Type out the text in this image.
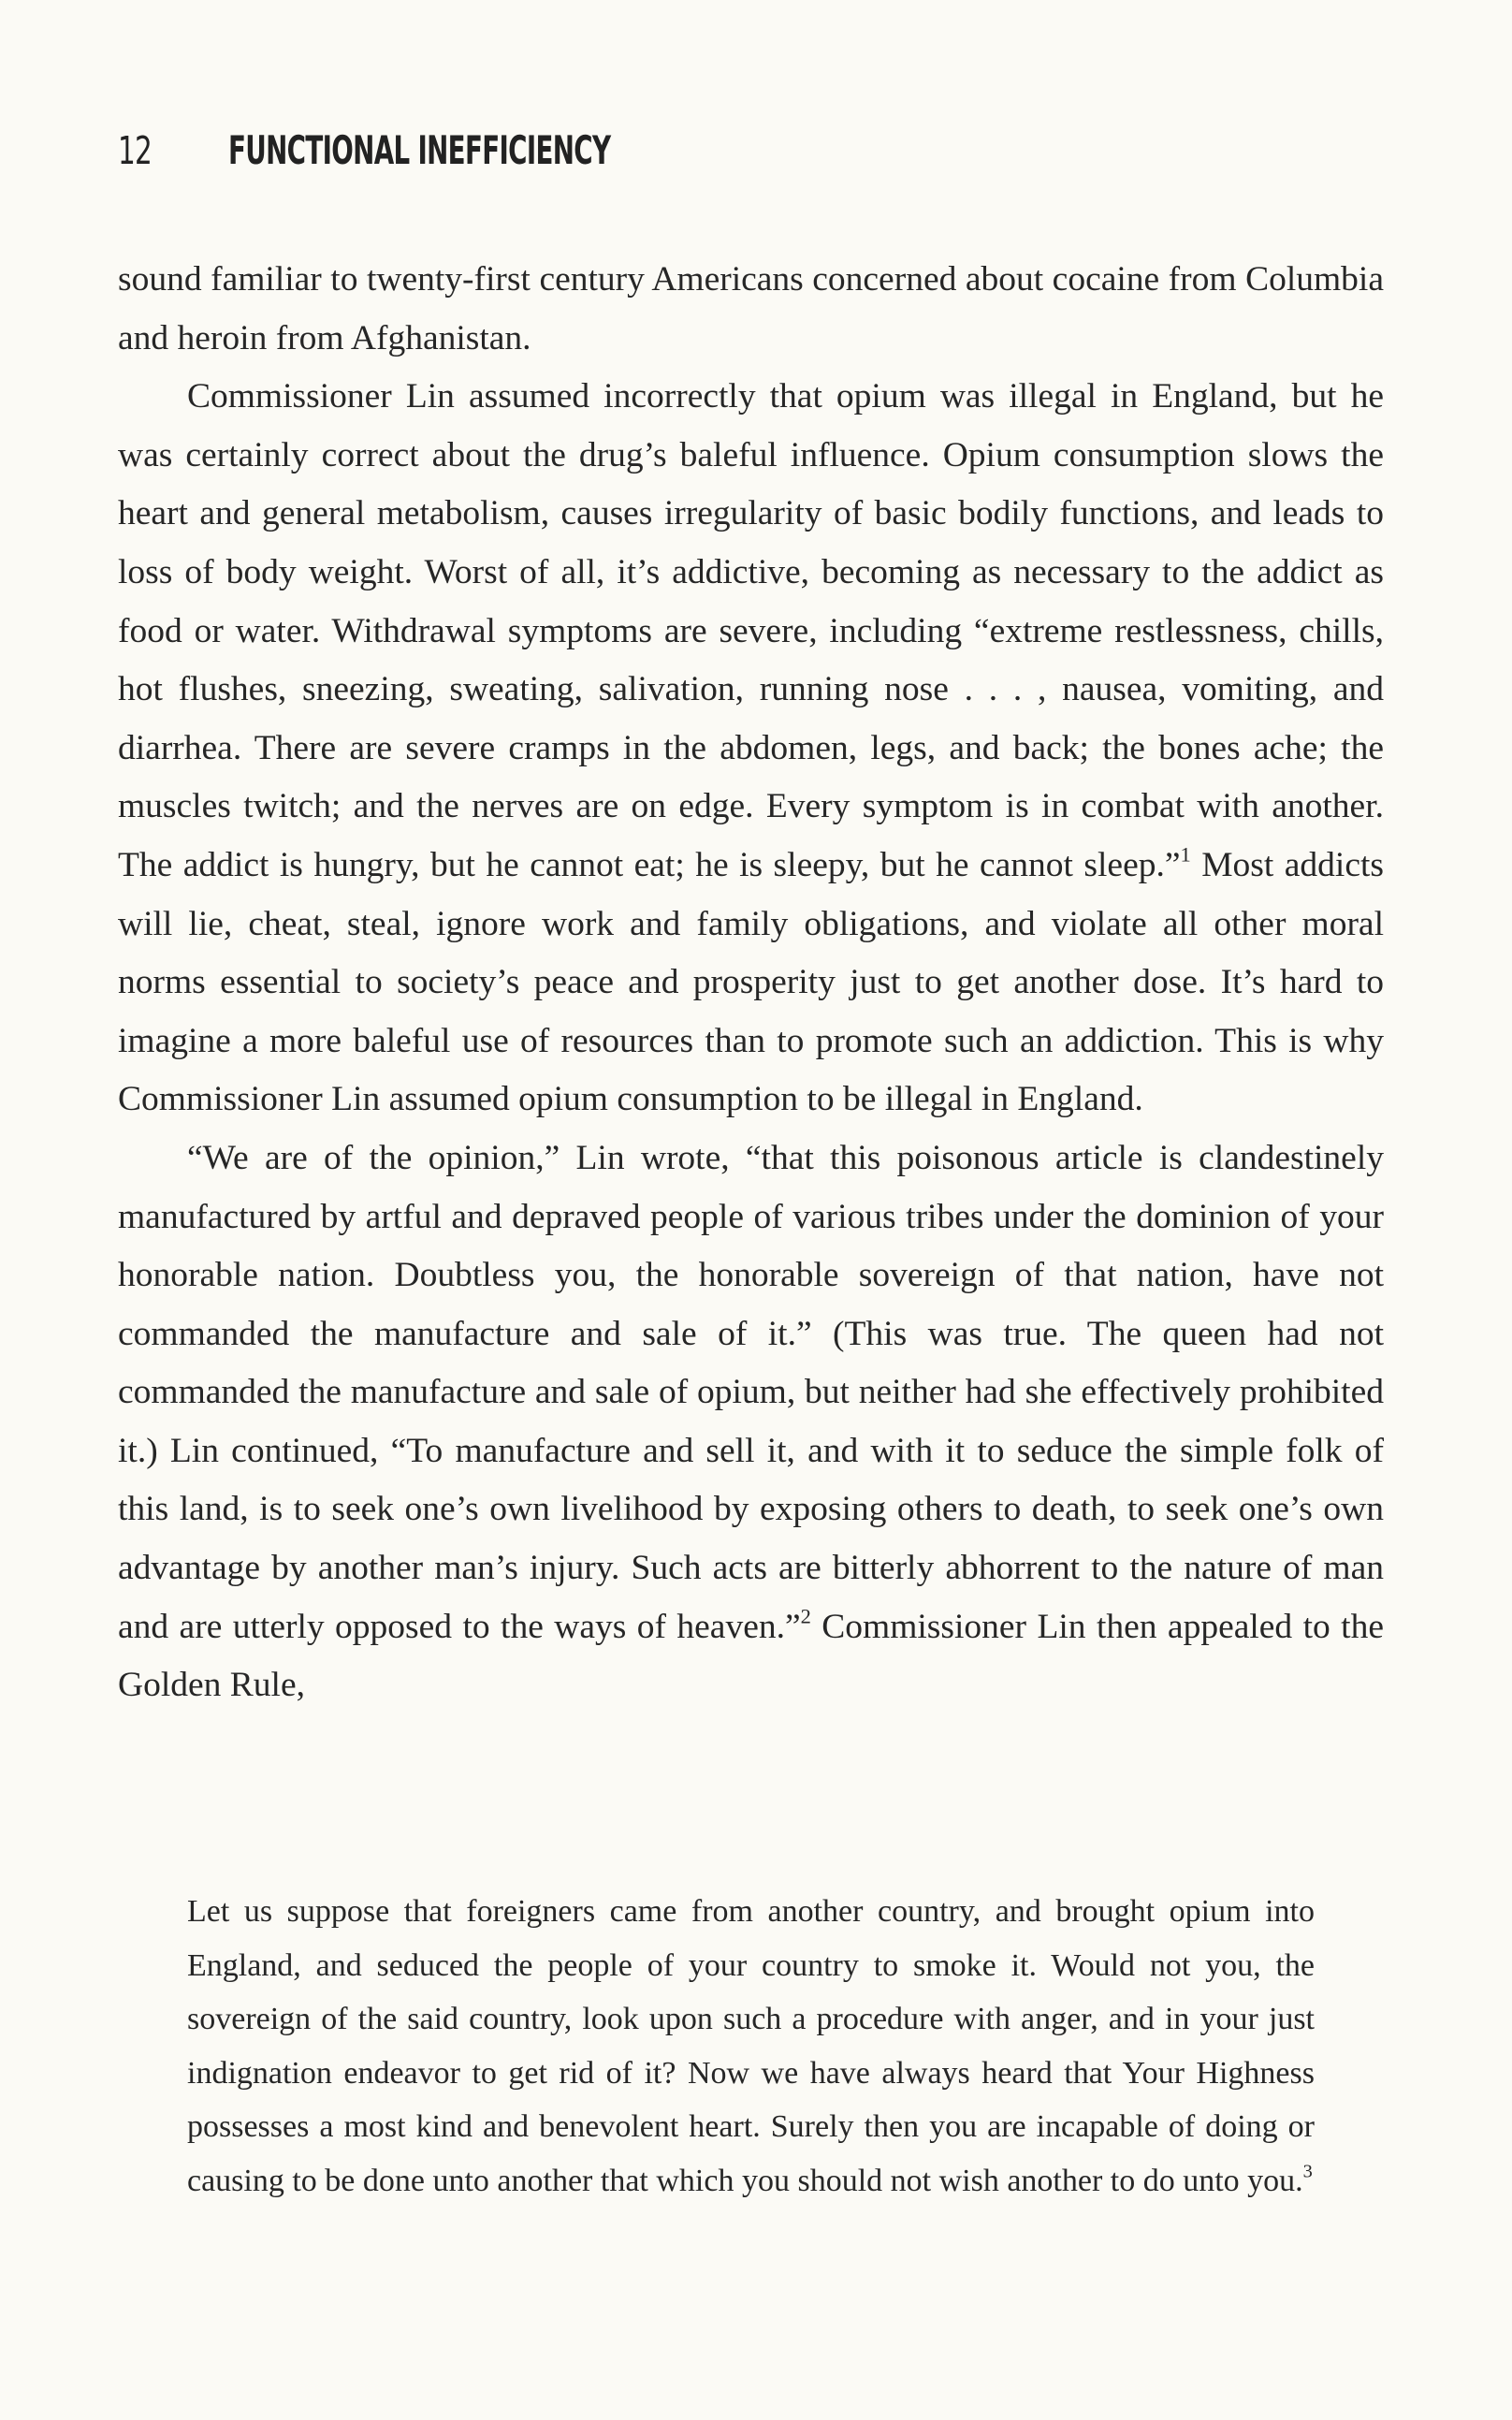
12 FUNCTIONAL INEFFICIENCY

sound familiar to twenty-first century Americans concerned about cocaine from Columbia and heroin from Afghanistan.

Commissioner Lin assumed incorrectly that opium was illegal in England, but he was certainly correct about the drug’s baleful influence. Opium consumption slows the heart and general metabolism, causes irregularity of basic bodily functions, and leads to loss of body weight. Worst of all, it’s addictive, becoming as necessary to the addict as food or water. Withdrawal symptoms are severe, including “extreme restlessness, chills, hot flushes, sneezing, sweating, salivation, running nose . . . , nausea, vomiting, and diarrhea. There are severe cramps in the abdomen, legs, and back; the bones ache; the muscles twitch; and the nerves are on edge. Every symptom is in combat with another. The addict is hungry, but he cannot eat; he is sleepy, but he cannot sleep.”$^1$ Most addicts will lie, cheat, steal, ignore work and family obligations, and violate all other moral norms essential to society’s peace and prosperity just to get another dose. It’s hard to imagine a more baleful use of resources than to promote such an addiction. This is why Commissioner Lin assumed opium consumption to be illegal in England.

“We are of the opinion,” Lin wrote, “that this poisonous article is clandestinely manufactured by artful and depraved people of various tribes under the dominion of your honorable nation. Doubtless you, the honorable sovereign of that nation, have not commanded the manufacture and sale of it.” (This was true. The queen had not commanded the manufacture and sale of opium, but neither had she effectively prohibited it.) Lin continued, “To manufacture and sell it, and with it to seduce the simple folk of this land, is to seek one’s own livelihood by exposing others to death, to seek one’s own advantage by another man’s injury. Such acts are bitterly abhorrent to the nature of man and are utterly opposed to the ways of heaven.”$^2$ Commissioner Lin then appealed to the Golden Rule,

Let us suppose that foreigners came from another country, and brought opium into England, and seduced the people of your country to smoke it. Would not you, the sovereign of the said country, look upon such a procedure with anger, and in your just indignation endeavor to get rid of it? Now we have always heard that Your Highness possesses a most kind and benevolent heart. Surely then you are incapable of doing or causing to be done unto another that which you should not wish another to do unto you.$^3$
